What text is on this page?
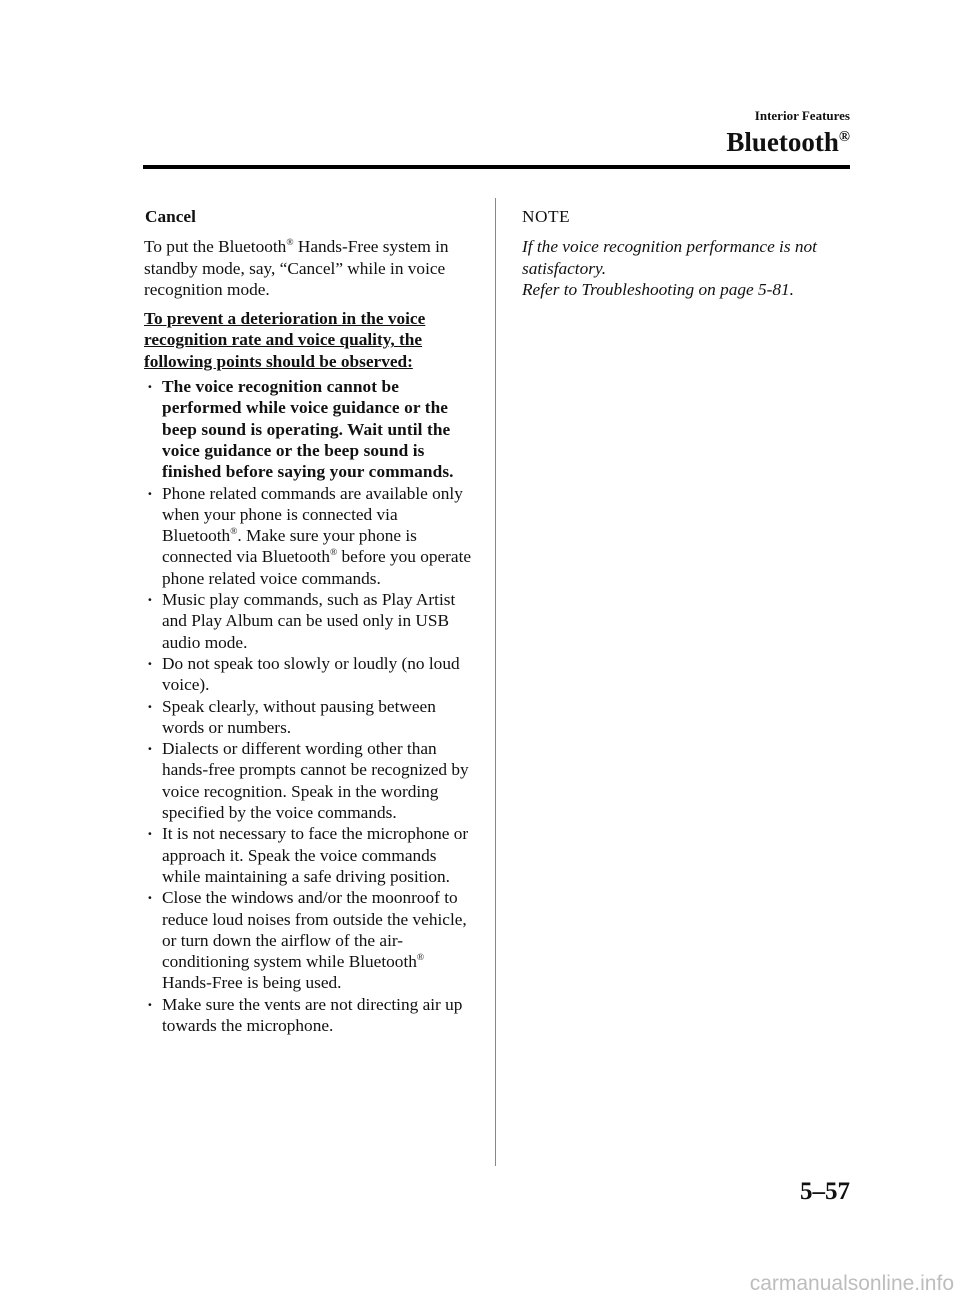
Interior Features
Bluetooth®
Cancel

To put the Bluetooth® Hands-Free system in standby mode, say, “Cancel” while in voice recognition mode.

To prevent a deterioration in the voice recognition rate and voice quality, the following points should be observed:

· The voice recognition cannot be performed while voice guidance or the beep sound is operating. Wait until the voice guidance or the beep sound is finished before saying your commands.
· Phone related commands are available only when your phone is connected via Bluetooth®. Make sure your phone is connected via Bluetooth® before you operate phone related voice commands.
· Music play commands, such as Play Artist and Play Album can be used only in USB audio mode.
· Do not speak too slowly or loudly (no loud voice).
· Speak clearly, without pausing between words or numbers.
· Dialects or different wording other than hands-free prompts cannot be recognized by voice recognition. Speak in the wording specified by the voice commands.
· It is not necessary to face the microphone or approach it. Speak the voice commands while maintaining a safe driving position.
· Close the windows and/or the moonroof to reduce loud noises from outside the vehicle, or turn down the airflow of the air-conditioning system while Bluetooth® Hands-Free is being used.
· Make sure the vents are not directing air up towards the microphone.
NOTE

If the voice recognition performance is not satisfactory.

Refer to Troubleshooting on page 5-81.

5–57
carmanualsonline.info
